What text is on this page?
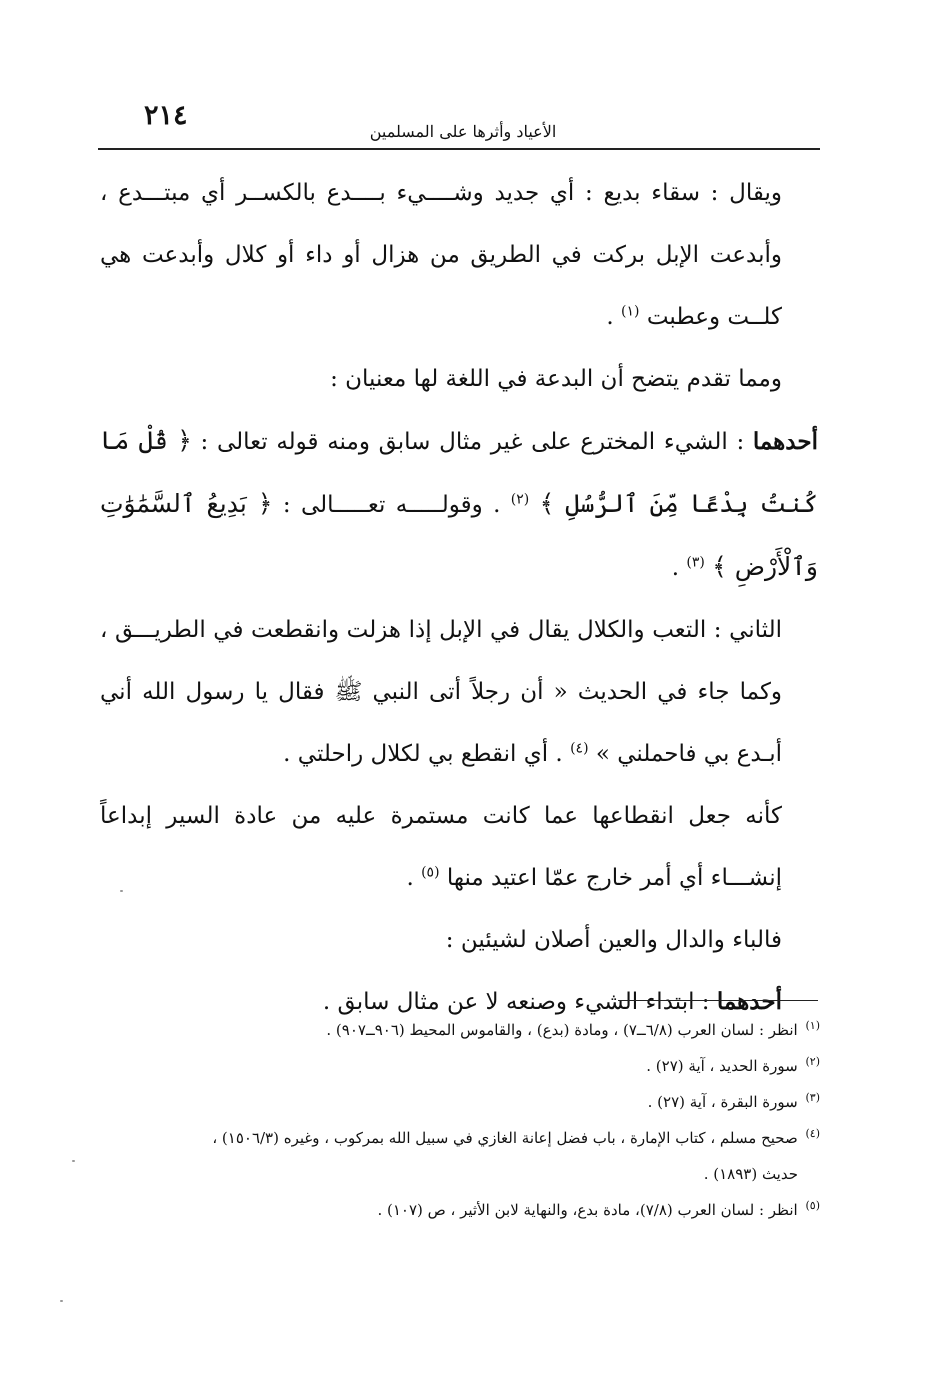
٢١٤
الأعياد وأثرها على المسلمين

ويقال : سقاء بديع : أي جديد وشــــيء بــــدع بالكســر أي مبتـــدع ، وأبدعت الإبل بركت في الطريق من هزال أو داء أو كلال وأبدعت هي كلــت وعطبت $^{(١)}$ .

ومما تقدم يتضح أن البدعة في اللغة لها معنيان :

أحدهما : الشيء المخترع على غير مثال سابق ومنه قوله تعالى : ﴿ قُلْ مَا كُنتُ بِدْعًا مِّنَ ٱلرُّسُلِ ﴾ $^{(٢)}$ . وقولـــــه تعـــــالى : ﴿ بَدِيعُ ٱلسَّمَٰوَٰتِ وَٱلْأَرْضِ ﴾ $^{(٣)}$ .

الثاني : التعب والكلال يقال في الإبل إذا هزلت وانقطعت في الطريـــق ، وكما جاء في الحديث « أن رجلاً أتى النبي ﷺ فقال يا رسول الله أني أبـدع بي فاحملني » $^{(٤)}$ . أي انقطع بي لكلال راحلتي .

كأنه جعل انقطاعها عما كانت مستمرة عليه من عادة السير إبداعاً إنشـــاء أي أمر خارج عمّا اعتيد منها $^{(٥)}$ .

فالباء والدال والعين أصلان لشيئين :

أحدهما : ابتداء الشيء وصنعه لا عن مثال سابق .

$^{(١)}$ انظر : لسان العرب (٦/٨ــ٧) ، ومادة (بدع) ، والقاموس المحيط (٩٠٦ــ٩٠٧) .

$^{(٢)}$ سورة الحديد ، آية (٢٧) .

$^{(٣)}$ سورة البقرة ، آية (٢٧) .

$^{(٤)}$ صحيح مسلم ، كتاب الإمارة ، باب فضل إعانة الغازي في سبيل الله بمركوب ، وغيره (١٥٠٦/٣) ،

حديث (١٨٩٣) .

$^{(٥)}$ انظر : لسان العرب (٧/٨)، مادة بدع، والنهاية لابن الأثير ، ص (١٠٧) .
